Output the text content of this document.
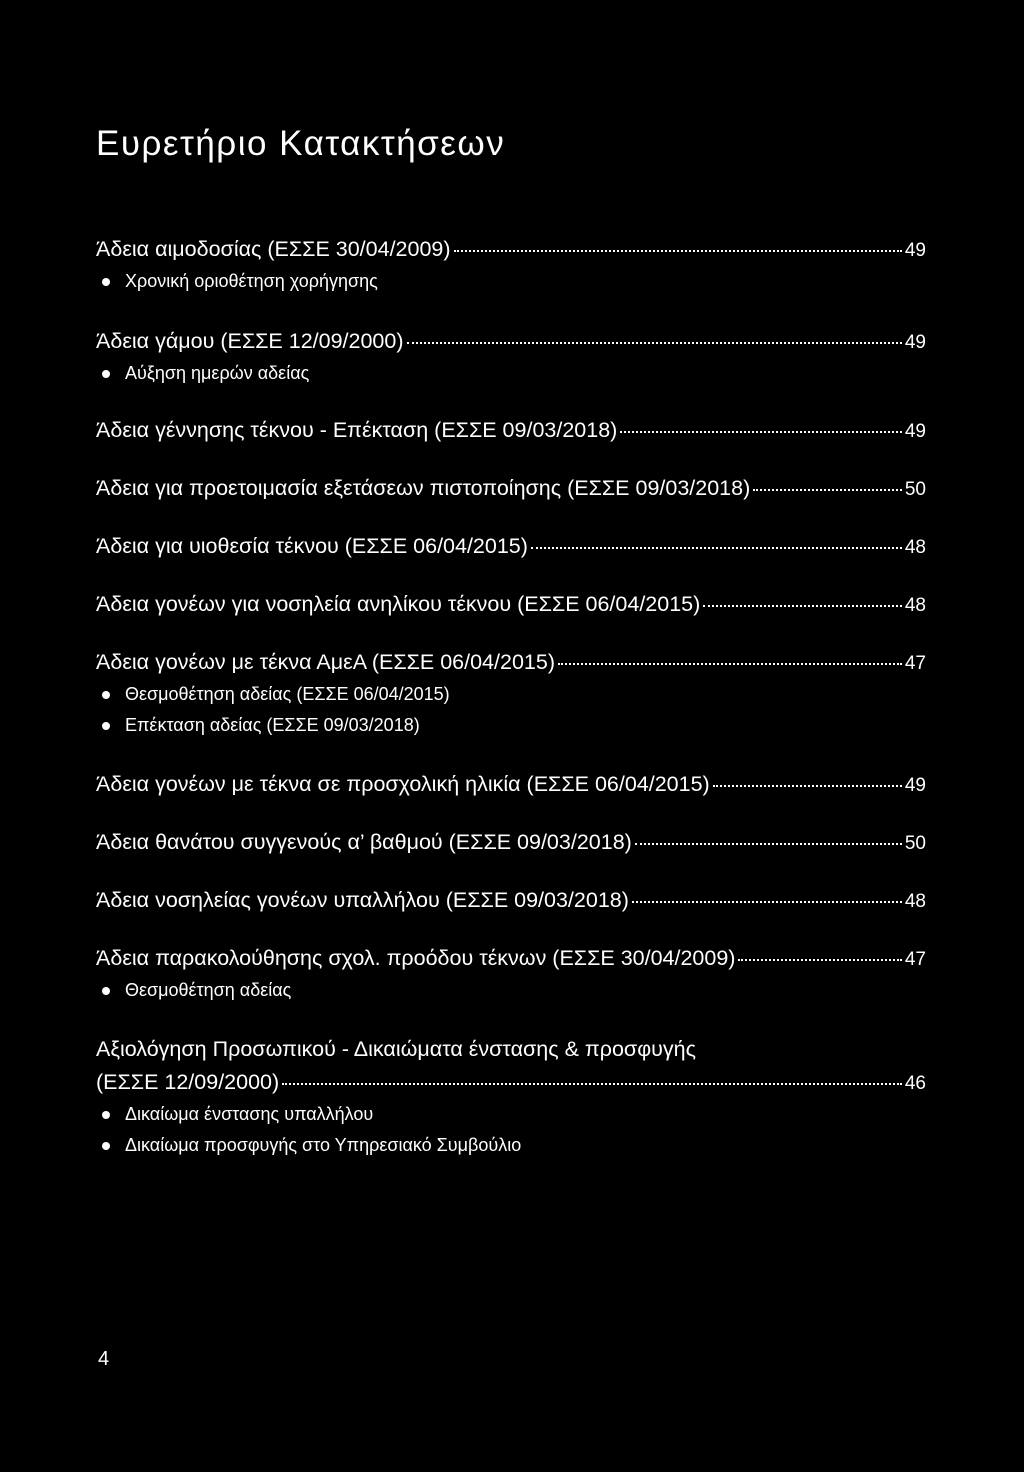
Ευρετήριο Κατακτήσεων
Άδεια αιμοδοσίας (ΕΣΣΕ 30/04/2009)	49
Χρονική οριοθέτηση χορήγησης
Άδεια γάμου (ΕΣΣΕ 12/09/2000)	49
Αύξηση ημερών αδείας
Άδεια γέννησης τέκνου - Επέκταση (ΕΣΣΕ 09/03/2018)	49
Άδεια για προετοιμασία εξετάσεων πιστοποίησης (ΕΣΣΕ 09/03/2018)	50
Άδεια για υιοθεσία τέκνου (ΕΣΣΕ 06/04/2015)	48
Άδεια γονέων για νοσηλεία ανηλίκου τέκνου (ΕΣΣΕ 06/04/2015)	48
Άδεια γονέων με τέκνα ΑμεΑ (ΕΣΣΕ 06/04/2015)	47
Θεσμοθέτηση αδείας (ΕΣΣΕ 06/04/2015)
Επέκταση αδείας (ΕΣΣΕ 09/03/2018)
Άδεια γονέων με τέκνα σε προσχολική ηλικία (ΕΣΣΕ 06/04/2015)	49
Άδεια θανάτου συγγενούς α’ βαθμού (ΕΣΣΕ 09/03/2018)	50
Άδεια νοσηλείας γονέων υπαλλήλου (ΕΣΣΕ 09/03/2018)	48
Άδεια παρακολούθησης σχολ. προόδου τέκνων (ΕΣΣΕ 30/04/2009)	47
Θεσμοθέτηση αδείας
Αξιολόγηση Προσωπικού - Δικαιώματα ένστασης & προσφυγής
(ΕΣΣΕ 12/09/2000)	46
Δικαίωμα ένστασης υπαλλήλου
Δικαίωμα προσφυγής στο Υπηρεσιακό Συμβούλιο
4
